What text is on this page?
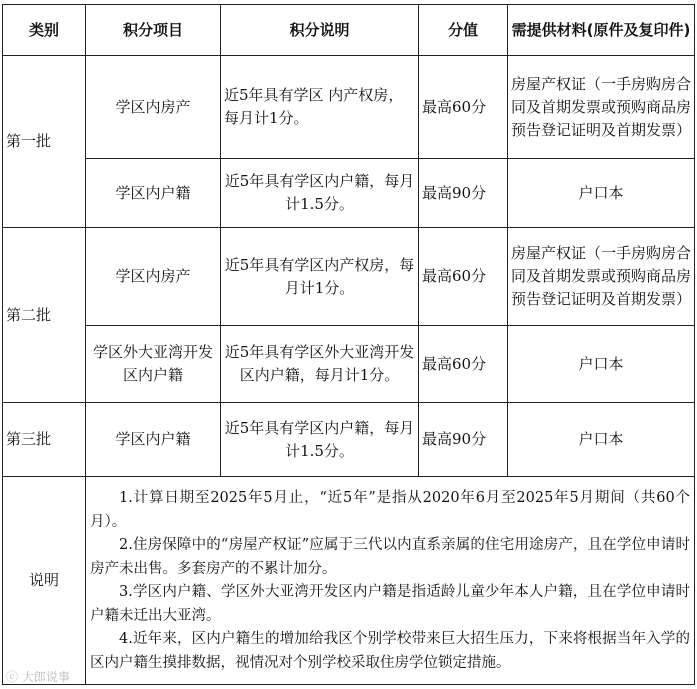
类别	积分项目	积分说明	分值	需提供材料(原件及复印件)
第一批	学区内房产	近5年具有学区 内产权房，每月计1分。	最高60分	房屋产权证（一手房购房合同及首期发票或预购商品房预告登记证明及首期发票）
	学区内户籍	近5年具有学区内户籍，每月计1.5分。	最高90分	户口本
第二批	学区内房产	近5年具有学区内产权房，每月计1分。	最高60分	房屋产权证（一手房购房合同及首期发票或预购商品房预告登记证明及首期发票）
	学区外大亚湾开发区内户籍	近5年具有学区外大亚湾开发区内户籍，每月计1分。	最高60分	户口本
第三批	学区内户籍	近5年具有学区内户籍，每月计1.5分。	最高90分	户口本
说明	1.计算日期至2025年5月止，“近5年”是指从2020年6月至2025年5月期间（共60个月）。
2.住房保障中的“房屋产权证”应属于三代以内直系亲属的住宅用途房产，且在学位申请时房产未出售。多套房产的不累计加分。
3.学区内户籍、学区外大亚湾开发区内户籍是指适龄儿童少年本人户籍，且在学位申请时户籍未迁出大亚湾。
4.近年来，区内户籍生的增加给我区个别学校带来巨大招生压力，下来将根据当年入学的区内户籍生摸排数据，视情况对个别学校采取住房学位锁定措施。			
ⓒ 大郎说事
